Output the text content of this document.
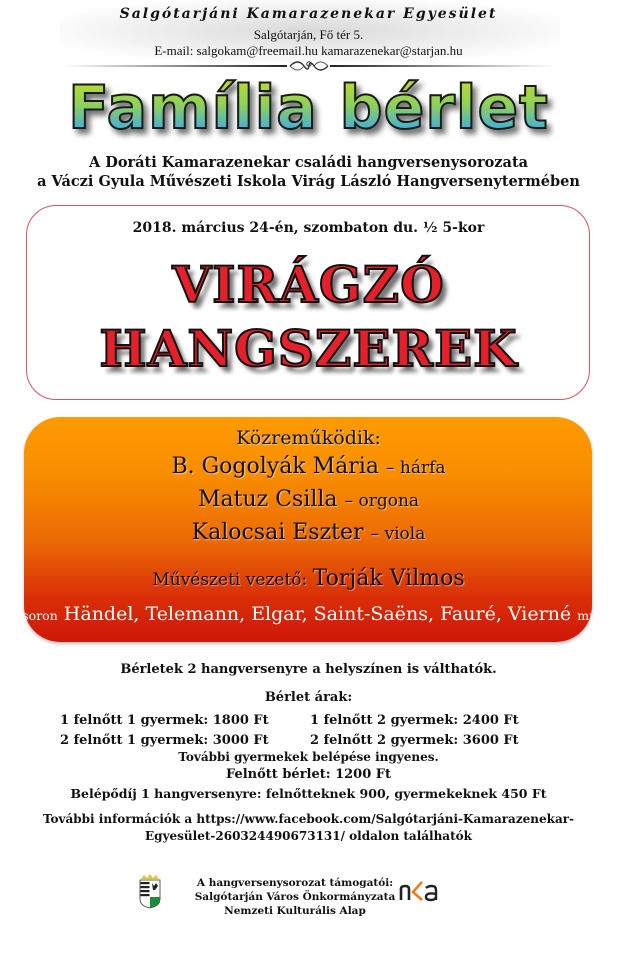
Salgótarjáni Kamarazenekar Egyesület
Salgótarján, Fő tér 5.
E-mail: salgokam@freemail.hu kamarazenekar@starjan.hu
Família bérlet
A Doráti Kamarazenekar családi hangversenysorozata
a Váczi Gyula Művészeti Iskola Virág László Hangversenytermében
2018. március 24-én, szombaton du. ½ 5-kor
VIRÁGZÓ
HANGSZEREK
Közreműködik:
B. Gogolyák Mária – hárfa
Matuz Csilla – orgona
Kalocsai Eszter – viola
Művészeti vezető: Torják Vilmos
Műsoron Händel, Telemann, Elgar, Saint-Saëns, Fauré, Vierné művei
Bérletek 2 hangversenyre a helyszínen is válthatók.
Bérlet árak:
1 felnőtt 1 gyermek: 1800 Ft	1 felnőtt 2 gyermek: 2400 Ft
2 felnőtt 1 gyermek: 3000 Ft	2 felnőtt 2 gyermek: 3600 Ft
További gyermekek belépése ingyenes.
Felnőtt bérlet: 1200 Ft
Belépődíj 1 hangversenyre: felnőtteknek 900, gyermekeknek 450 Ft
További információk a https://www.facebook.com/Salgótarjáni-Kamarazenekar-
Egyesület-260324490673131/ oldalon találhatók
A hangversenysorozat támogatói:
Salgótarján Város Önkormányzata
Nemzeti Kulturális Alap
